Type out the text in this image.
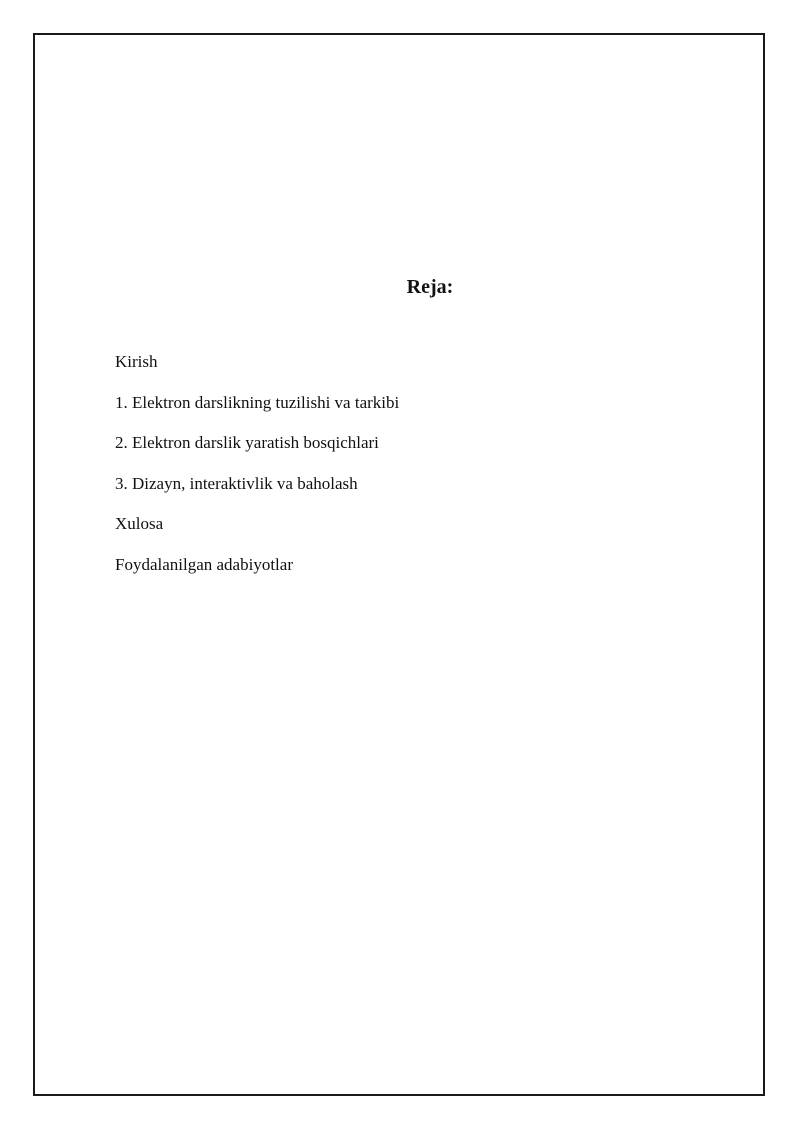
Reja:
Kirish
1. Elektron darslikning tuzilishi va tarkibi
2. Elektron darslik yaratish bosqichlari
3. Dizayn, interaktivlik va baholash
Xulosa
Foydalanilgan adabiyotlar
